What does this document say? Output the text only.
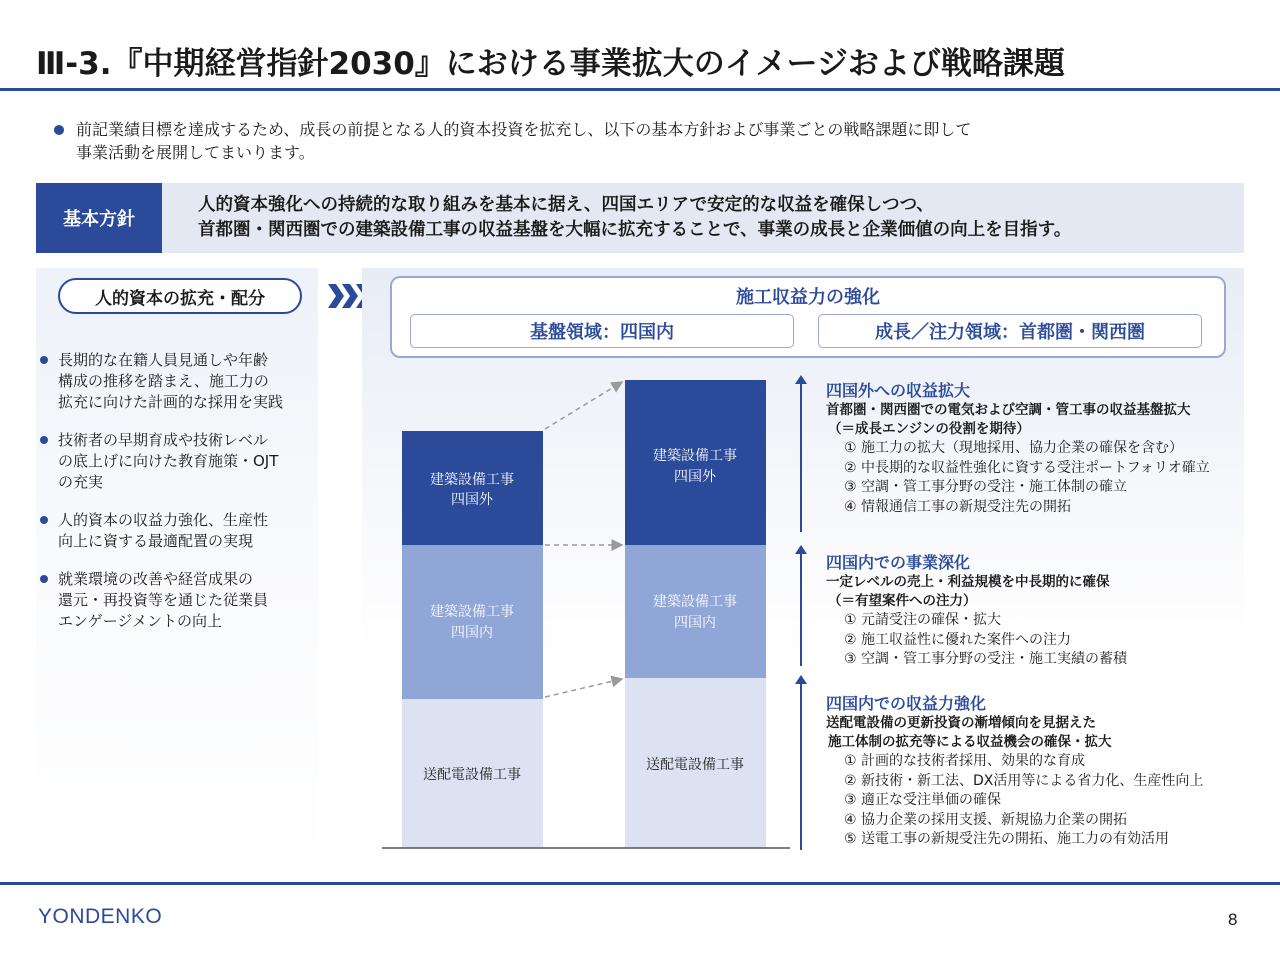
Ⅲ-3.『中期経営指針2030』における事業拡大のイメージおよび戦略課題
前記業績目標を達成するため、成長の前提となる人的資本投資を拡充し、以下の基本方針および事業ごとの戦略課題に即して
事業活動を展開してまいります。
基本方針
人的資本強化への持続的な取り組みを基本に据え、四国エリアで安定的な収益を確保しつつ、
首都圏・関西圏での建築設備工事の収益基盤を大幅に拡充することで、事業の成長と企業価値の向上を目指す。
人的資本の拡充・配分
長期的な在籍人員見通しや年齢
構成の推移を踏まえ、施工力の
拡充に向けた計画的な採用を実践
技術者の早期育成や技術レベル
の底上げに向けた教育施策・OJT
の充実
人的資本の収益力強化、生産性
向上に資する最適配置の実現
就業環境の改善や経営成果の
還元・再投資等を通じた従業員
エンゲージメントの向上
施工収益力の強化
基盤領域：四国内	成長／注力領域：首都圏・関西圏
建築設備工事
四国外
建築設備工事
四国内
送配電設備工事
建築設備工事
四国外
建築設備工事
四国内
送配電設備工事
四国外への収益拡大
首都圏・関西圏での電気および空調・管工事の収益基盤拡大
（＝成長エンジンの役割を期待）
① 施工力の拡大（現地採用、協力企業の確保を含む）
② 中長期的な収益性強化に資する受注ポートフォリオ確立
③ 空調・管工事分野の受注・施工体制の確立
④ 情報通信工事の新規受注先の開拓
四国内での事業深化
一定レベルの売上・利益規模を中長期的に確保
（＝有望案件への注力）
① 元請受注の確保・拡大
② 施工収益性に優れた案件への注力
③ 空調・管工事分野の受注・施工実績の蓄積
四国内での収益力強化
送配電設備の更新投資の漸増傾向を見据えた
施工体制の拡充等による収益機会の確保・拡大
① 計画的な技術者採用、効果的な育成
② 新技術・新工法、DX活用等による省力化、生産性向上
③ 適正な受注単価の確保
④ 協力企業の採用支援、新規協力企業の開拓
⑤ 送電工事の新規受注先の開拓、施工力の有効活用
YONDENKO	8
